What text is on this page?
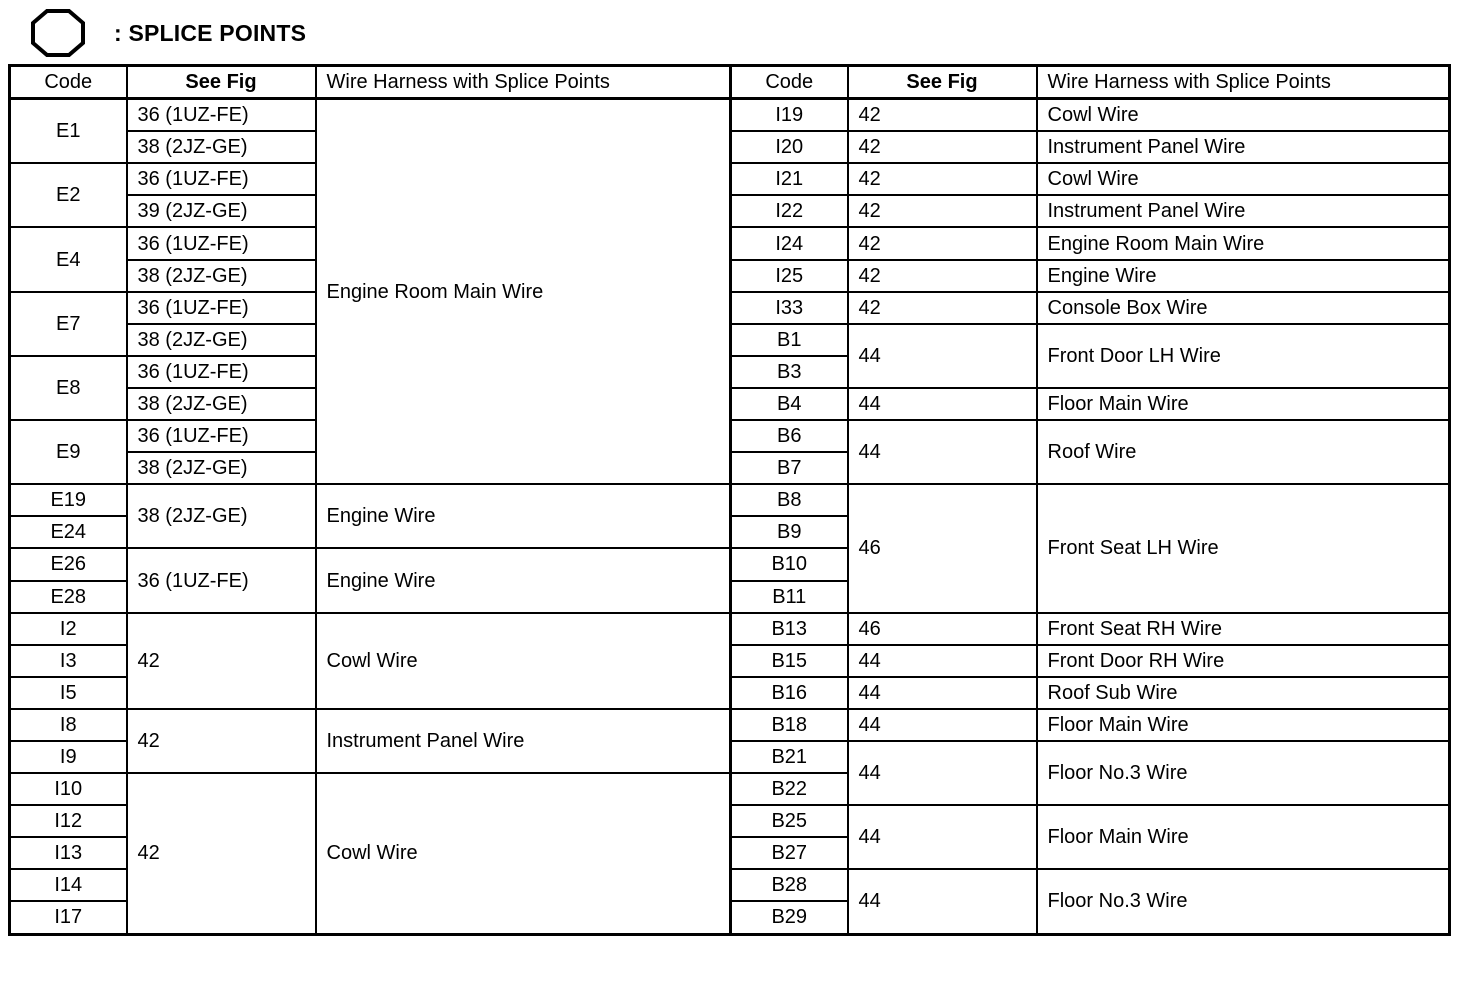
: SPLICE POINTS
Code	See Fig	Wire Harness with Splice Points
E1	36 (1UZ-FE)	Engine Room Main Wire
	38 (2JZ-GE)	
E2	36 (1UZ-FE)	
	39 (2JZ-GE)	
E4	36 (1UZ-FE)	
	38 (2JZ-GE)	
E7	36 (1UZ-FE)	
	38 (2JZ-GE)	
E8	36 (1UZ-FE)	
	38 (2JZ-GE)	
E9	36 (1UZ-FE)	
	38 (2JZ-GE)	
E19	38 (2JZ-GE)	Engine Wire
E24		
E26	36 (1UZ-FE)	Engine Wire
E28		
I2	42	Cowl Wire
I3		
I5		
I8	42	Instrument Panel Wire
I9		
I10	42	Cowl Wire
I12		
I13		
I14		
I17		
Code	See Fig	Wire Harness with Splice Points
I19	42	Cowl Wire
I20	42	Instrument Panel Wire
I21	42	Cowl Wire
I22	42	Instrument Panel Wire
I24	42	Engine Room Main Wire
I25	42	Engine Wire
I33	42	Console Box Wire
B1	44	Front Door LH Wire
B3		
B4	44	Floor Main Wire
B6	44	Roof Wire
B7		
B8	46	Front Seat LH Wire
B9		
B10		
B11		
B13	46	Front Seat RH Wire
B15	44	Front Door RH Wire
B16	44	Roof Sub Wire
B18	44	Floor Main Wire
B21	44	Floor No.3 Wire
B22		
B25	44	Floor Main Wire
B27		
B28	44	Floor No.3 Wire
B29		
